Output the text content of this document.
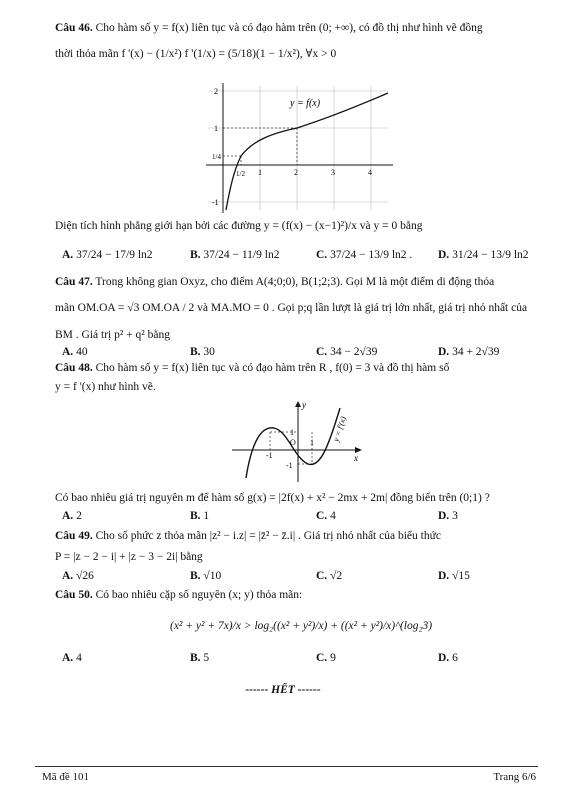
Câu 46. Cho hàm số y = f(x) liên tục và có đạo hàm trên (0; +∞), có đồ thị như hình vẽ đồng
thời thỏa mãn f '(x) − (1/x²) f '(1/x) = (5/18)(1 − 1/x²), ∀x > 0
y = f(x)
2
1
1/4
-1
1/2 1	2	3	4
Diện tích hình phẳng giới hạn bởi các đường y = (f(x) − (x−1)²)/x và y = 0 bằng
A. 37/24 − 17/9 ln2	B. 37/24 − 11/9 ln2	C. 37/24 − 13/9 ln2 . D. 31/24 − 13/9 ln2
Câu 47. Trong không gian Oxyz, cho điểm A(4;0;0), B(1;2;3). Gọi M là một điểm di động thỏa
mãn OM.OA = √3 OM.OA / 2 và MA.MO = 0 . Gọi p;q lần lượt là giá trị lớn nhất, giá trị nhỏ nhất của
BM . Giá trị p² + q² bằng
A. 40	B. 30	C. 34 − 2√39	D. 34 + 2√39
Câu 48. Cho hàm số y = f(x) liên tục và có đạo hàm trên R , f(0) = 3 và đồ thị hàm số
y = f '(x) như hình vẽ.
y
x
-1
O 1
1
-1
y = f'(x)
Có bao nhiêu giá trị nguyên m để hàm số g(x) = |2f(x) + x² − 2mx + 2m| đồng biến trên (0;1) ?
A. 2	B. 1	C. 4	D. 3
Câu 49. Cho số phức z thỏa mãn |z² − i.z| = |z̄² − z̄.i| . Giá trị nhỏ nhất của biểu thức
P = |z − 2 − i| + |z − 3 − 2i| bằng
A. √26	B. √10	C. √2	D. √15
Câu 50. Có bao nhiêu cặp số nguyên (x; y) thỏa mãn:
(x² + y² + 7x)/x > log₂((x² + y²)/x) + ((x² + y²)/x)^(log₂3)
A. 4	B. 5	C. 9	D. 6
------ HẾT ------
Mã đề 101	Trang 6/6
